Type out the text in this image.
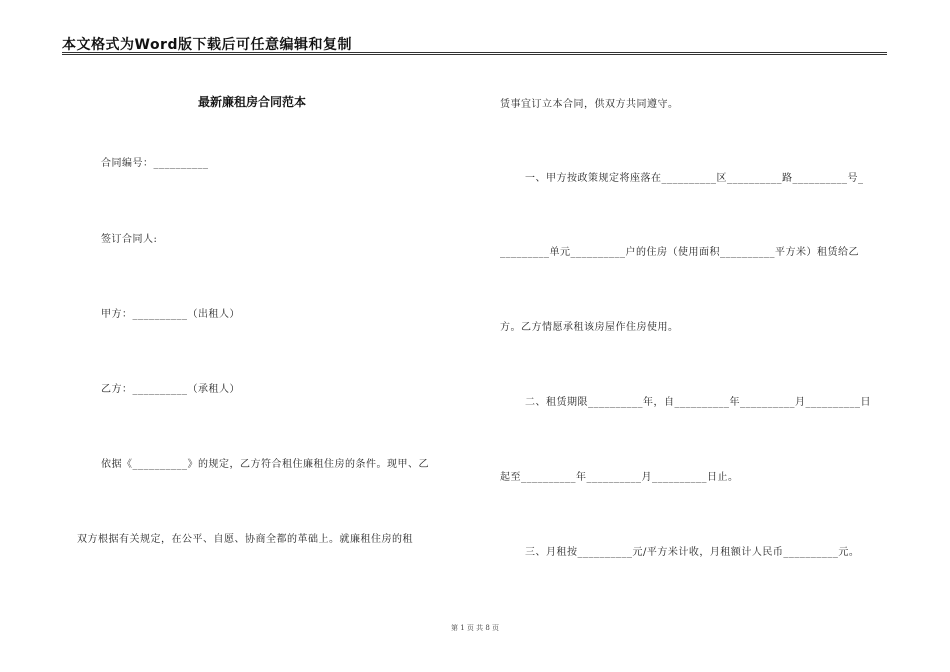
本文格式为Word版下载后可任意编辑和复制
最新廉租房合同范本
合同编号：__________
签订合同人:
甲方：__________（出租人）
乙方：__________（承租人）
依据《__________》的规定，乙方符合租住廉租住房的条件。现甲、乙
双方根据有关规定，在公平、自愿、协商全都的革础上。就廉租住房的租
赁事宜订立本合同，供双方共同遵守。
一、甲方按政策规定将座落在__________区__________路__________号_
_________单元__________户的住房（使用面积__________平方米）租赁给乙
方。乙方情愿承租该房屋作住房使用。
二、租赁期限__________年，自__________年__________月__________日
起至__________年__________月__________日止。
三、月租按__________元/平方米计收，月租额计人民币__________元。
第 1 页 共 8 页
